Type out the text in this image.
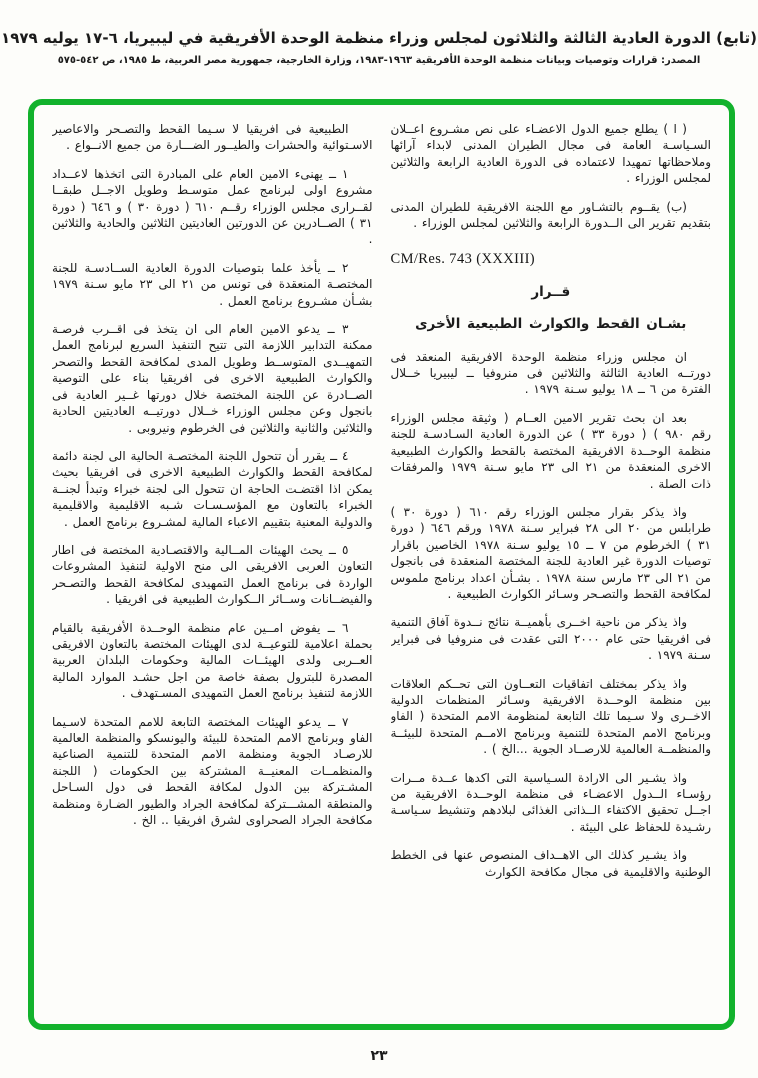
(تابع) الدورة العادية الثالثة والثلاثون لمجلس وزراء منظمة الوحدة الأفريقية في ليبيريا، ٦-١٧ يوليه ١٩٧٩
المصدر: قرارات وتوصيات وبيانات منظمة الوحدة الأفريقية ١٩٦٣-١٩٨٣، وزارة الخارجية، جمهورية مصر العربية، ط ١٩٨٥، ص ٥٤٢-٥٧٥

( ا ) يطلع جميع الدول الاعضـاء على نص مشـروع اعــلان السـياسـة العامة فى مجال الطيران المدنى لابداء آرائها وملاحظاتها تمهيدا لاعتماده فى الدورة العادية الرابعة والثلاثين لمجلس الوزراء .

(ب) يقــوم بالتشـاور مع اللجنة الافريقية للطيران المدنى بتقديم تقرير الى الــدورة الرابعة والثلاثين لمجلس الوزراء .

CM/Res. 743 (XXXIII)

قــرار

بشـان القحط والكوارث الطبيعية الأخرى

ان مجلس وزراء منظمة الوحدة الافريقية المنعقد فى دورتــه العادية الثالثة والثلاثين فى منروفيا ــ ليبيريا خــلال الفترة من ٦ ــ ١٨ يوليو سـنة ١٩٧٩ .

بعد ان بحث تقرير الامين العــام ( وثيقة مجلس الوزراء رقم ٩٨٠ ) ( دورة ٣٣ ) عن الدورة العادية السـادسـة للجنة منظمة الوحــدة الافريقية المختصة بالقحط والكوارث الطبيعية الاخرى المنعقدة من ٢١ الى ٢٣ مايو سـنة ١٩٧٩ والمرفقات ذات الصلة .

واذ يذكر بقرار مجلس الوزراء رقم ٦١٠ ( دورة ٣٠ ) طرابلس من ٢٠ الى ٢٨ فبراير سـنة ١٩٧٨ ورقم ٦٤٦ ( دورة ٣١ ) الخرطوم من ٧ ــ ١٥ يوليو سـنة ١٩٧٨ الخاصين باقرار توصيات الدورة غير العادية للجنة المختصة المنعقدة فى بانجول من ٢١ الى ٢٣ مارس سنة ١٩٧٨ . بشـأن اعداد برنامج ملموس لمكافحة القحط والتصـحر وسـائر الكوارث الطبيعية .

واذ يذكر من ناحية اخــرى بأهميــة نتائج نــدوة آفاق التنمية فى افريقيا حتى عام ٢٠٠٠ التى عقدت فى منروفيا فى فبراير سـنة ١٩٧٩ .

واذ يذكر بمختلف اتفاقيات التعــاون التى تحــكم العلاقات بين منظمة الوحــدة الافريقية وسـائر المنظمات الدولية الاخــرى ولا سـيما تلك التابعة لمنظومة الامم المتحدة ( الفاو وبرنامج الامم المتحدة للتنمية وبرنامج الامــم المتحدة للبيئــة والمنظمــة العالمية للارصــاد الجوية ...الخ ) .

واذ يشـير الى الارادة السـياسية التى اكدها عــدة مــرات رؤسـاء الــدول الاعضـاء فى منظمة الوحــدة الافريقية من اجــل تحقيق الاكتفاء الــذاتى الغذائى لبلادهم وتنشيط سـياسـة رشـيدة للحفاظ على البيئة .

واذ يشـير كذلك الى الاهــداف المنصوص عنها فى الخطط الوطنية والاقليمية فى مجال مكافحة الكوارث

الطبيعية فى افريقيا لا سـيما القحط والتصـحر والاعاصير الاسـتوائية والحشرات والطيــور الضـــارة من جميع الانــواع .

١ ــ يهنىء الامين العام على المبادرة التى اتخذها لاعــداد مشروع اولى لبرنامج عمل متوسـط وطويل الاجــل طبقــا لقــرارى مجلس الوزراء رقــم ٦١٠ ( دورة ٣٠ ) و ٦٤٦ ( دورة ٣١ ) الصــادرين عن الدورتين العاديتين الثلاثين والحادية والثلاثين .

٢ ــ يأخذ علما بتوصيات الدورة العادية الســادسـة للجنة المختصـة المنعقدة فى تونس من ٢١ الى ٢٣ مايو سـنة ١٩٧٩ بشـأن مشـروع برنامج العمل .

٣ ــ يدعو الامين العام الى ان يتخذ فى اقــرب فرصـة ممكنة التدابير اللازمة التى تتيح التنفيذ السريع لبرنامج العمل التمهيــدى المتوســط وطويل المدى لمكافحة القحط والتصحر والكوارث الطبيعية الاخرى فى افريقيا بناء على التوصية الصــادرة عن اللجنة المختصة خلال دورتها غــير العادية فى بانجول وعن مجلس الوزراء خــلال دورتيــه العاديتين الحادية والثلاثين والثانية والثلاثين فى الخرطوم ونيروبى .

٤ ــ يقرر أن تتحول اللجنة المختصـة الحالية الى لجنة دائمة لمكافحة القحط والكوارث الطبيعية الاخرى فى افريقيا بحيث يمكن اذا اقتضـت الحاجة ان تتحول الى لجنة خبراء وتبدأ لجنــة الخبراء بالتعاون مع المؤسـسـات شـبه الاقليمية والاقليمية والدولية المعنية بتقييم الاعباء المالية لمشـروع برنامج العمل .

٥ ــ يحث الهيئات المــالية والاقتصـادية المختصة فى اطار التعاون العربى الافريقى الى منح الاولية لتنفيذ المشروعات الواردة فى برنامج العمل التمهيدى لمكافحة القحط والتصـحر والفيضــانات وســائر الــكوارث الطبيعية فى افريقيا .

٦ ــ يفوض امــين عام منظمة الوحــدة الأفريقية بالقيام بحملة اعلامية للتوعيــة لدى الهيئات المختصة بالتعاون الافريقى العــربى ولدى الهيئــات المالية وحكومات البلدان العربية المصدرة للبترول بصفة خاصة من اجل حشـد الموارد المالية اللازمة لتنفيذ برنامج العمل التمهيدى المسـتهدف .

٧ ــ يدعو الهيئات المختصة التابعة للامم المتحدة لاسـيما الفاو وبرنامج الامم المتحدة للبيئة واليونسكو والمنظمة العالمية للارصـاد الجوية ومنظمة الامم المتحدة للتنمية الصناعية والمنظمــات المعنيــة المشتركة بين الحكومات ( اللجنة المشـتركة بين الدول لمكافة القحط فى دول السـاحل والمنطقة المشـــتركة لمكافحة الجراد والطيور الضـارة ومنظمة مكافحة الجراد الصحراوى لشرق افريقيا .. الخ .

٢٣
